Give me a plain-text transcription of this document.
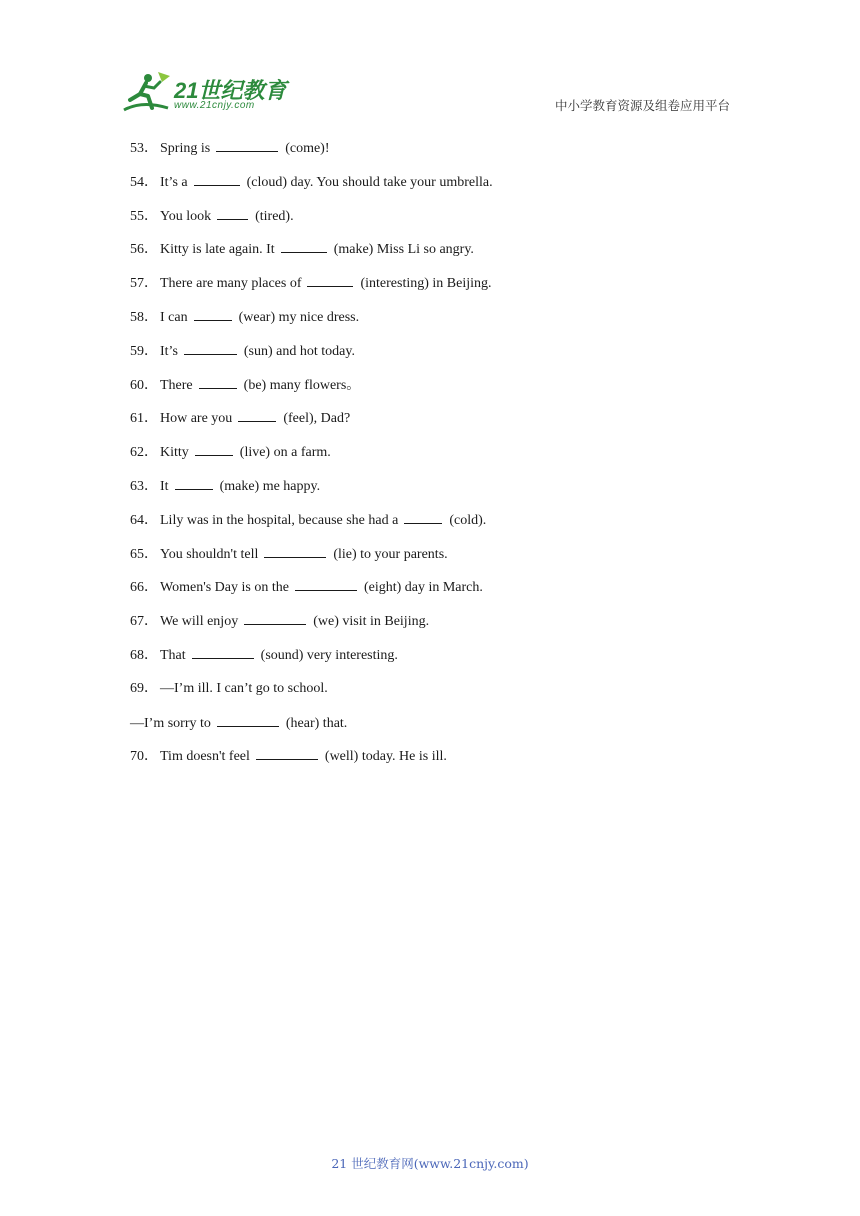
21世纪教育
www.21cnjy.com	中小学教育资源及组卷应用平台
53． Spring is	(come)!
54． It’s a	(cloud) day. You should take your umbrella.
55． You look	(tired).
56． Kitty is late again. It	(make) Miss Li so angry.
57． There are many places of	(interesting) in Beijing.
58． I can	(wear) my nice dress.
59． It’s	(sun) and hot today.
60． There	(be) many flowers。
61． How are you	(feel), Dad?
62． Kitty	(live) on a farm.
63． It	(make) me happy.
64． Lily was in the hospital, because she had a	(cold).
65． You shouldn't tell	(lie) to your parents.
66． Women's Day is on the	(eight) day in March.
67． We will enjoy	(we) visit in Beijing.
68． That	(sound) very interesting.
69． —I’m ill. I can’t go to school.
—I’m sorry to	(hear) that.
70． Tim doesn't feel	(well) today. He is ill.
21 世纪教育网(www.21cnjy.com)
